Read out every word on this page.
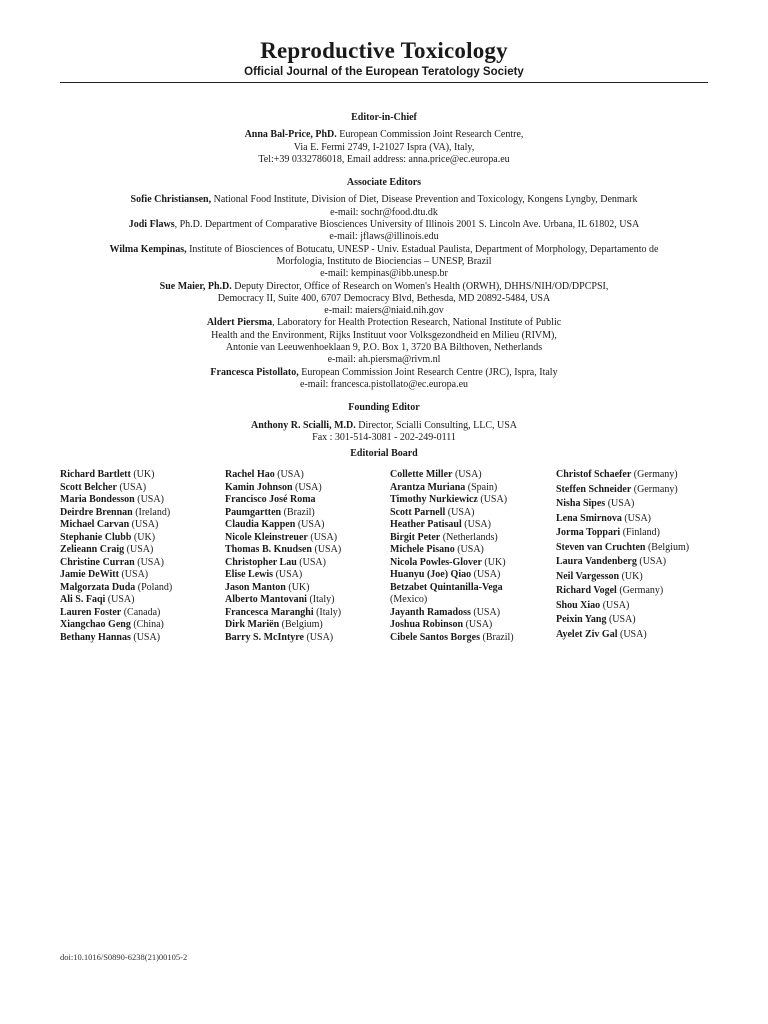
Reproductive Toxicology
Official Journal of the European Teratology Society

Editor-in-Chief

Anna Bal-Price, PhD. European Commission Joint Research Centre,

Via E. Fermi 2749, I-21027 Ispra (VA), Italy,

Tel:+39 0332786018, Email address: anna.price@ec.europa.eu

Associate Editors

Sofie Christiansen, National Food Institute, Division of Diet, Disease Prevention and Toxicology, Kongens Lyngby, Denmark

e-mail: sochr@food.dtu.dk

Jodi Flaws, Ph.D. Department of Comparative Biosciences University of Illinois 2001 S. Lincoln Ave. Urbana, IL 61802, USA

e-mail: jflaws@illinois.edu

Wilma Kempinas, Institute of Biosciences of Botucatu, UNESP - Univ. Estadual Paulista, Department of Morphology, Departamento de

Morfologia, Instituto de Biociencias – UNESP, Brazil

e-mail: kempinas@ibb.unesp.br

Sue Maier, Ph.D. Deputy Director, Office of Research on Women's Health (ORWH), DHHS/NIH/OD/DPCPSI,

Democracy II, Suite 400, 6707 Democracy Blvd, Bethesda, MD 20892-5484, USA

e-mail: maiers@niaid.nih.gov

Aldert Piersma, Laboratory for Health Protection Research, National Institute of Public

Health and the Environment, Rijks Instituut voor Volksgezondheid en Milieu (RIVM),

Antonie van Leeuwenhoeklaan 9, P.O. Box 1, 3720 BA Bilthoven, Netherlands

e-mail: ah.piersma@rivm.nl

Francesca Pistollato, European Commission Joint Research Centre (JRC), Ispra, Italy

e-mail: francesca.pistollato@ec.europa.eu

Founding Editor

Anthony R. Scialli, M.D. Director, Scialli Consulting, LLC, USA

Fax : 301-514-3081 - 202-249-0111

Editorial Board

Richard Bartlett (UK)

Scott Belcher (USA)

Maria Bondesson (USA)

Deirdre Brennan (Ireland)

Michael Carvan (USA)

Stephanie Clubb (UK)

Zelieann Craig (USA)

Christine Curran (USA)

Jamie DeWitt (USA)

Malgorzata Duda (Poland)

Ali S. Faqi (USA)

Lauren Foster (Canada)

Xiangchao Geng (China)

Bethany Hannas (USA)

Rachel Hao (USA)

Kamin Johnson (USA)

Francisco José Roma

Paumgartten (Brazil)

Claudia Kappen (USA)

Nicole Kleinstreuer (USA)

Thomas B. Knudsen (USA)

Christopher Lau (USA)

Elise Lewis (USA)

Jason Manton (UK)

Alberto Mantovani (Italy)

Francesca Maranghi (Italy)

Dirk Mariën (Belgium)

Barry S. McIntyre (USA)

Collette Miller (USA)

Arantza Muriana (Spain)

Timothy Nurkiewicz (USA)

Scott Parnell (USA)

Heather Patisaul (USA)

Birgit Peter (Netherlands)

Michele Pisano (USA)

Nicola Powles-Glover (UK)

Huanyu (Joe) Qiao (USA)

Betzabet Quintanilla-Vega

(Mexico)

Jayanth Ramadoss (USA)

Joshua Robinson (USA)

Cibele Santos Borges (Brazil)

Christof Schaefer (Germany)

Steffen Schneider (Germany)

Nisha Sipes (USA)

Lena Smirnova (USA)

Jorma Toppari (Finland)

Steven van Cruchten (Belgium)

Laura Vandenberg (USA)

Neil Vargesson (UK)

Richard Vogel (Germany)

Shou Xiao (USA)

Peixin Yang (USA)

Ayelet Ziv Gal (USA)

doi:10.1016/S0890-6238(21)00105-2
